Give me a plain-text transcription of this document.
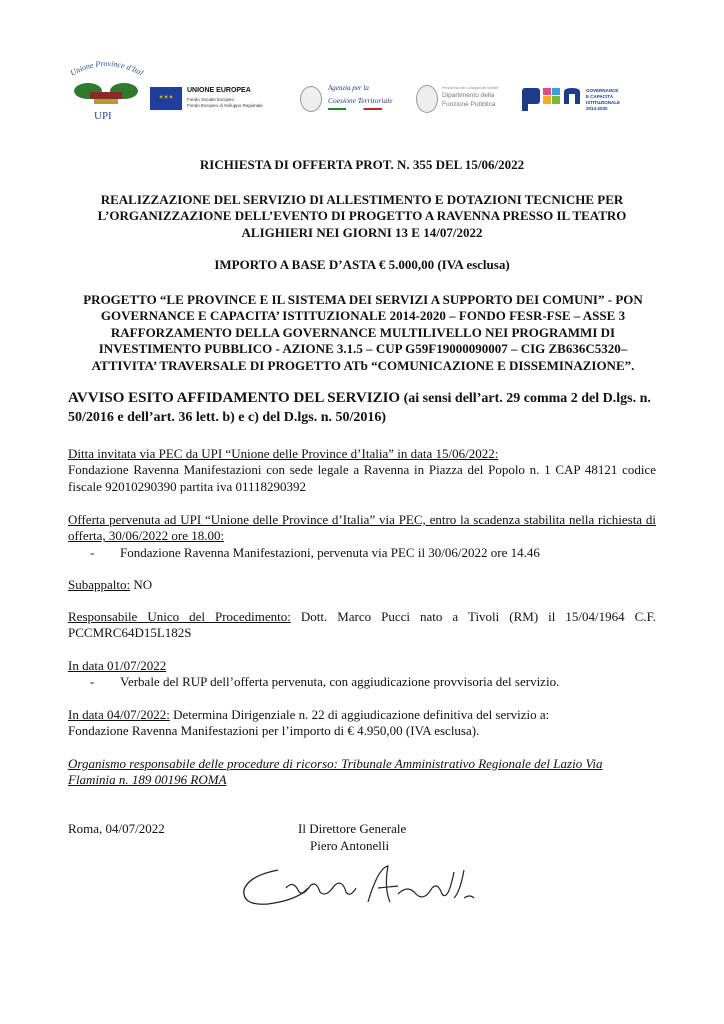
Unione Province d'Ital
UPI
✶✶✶
UNIONE EUROPEA
Fondo Sociale Europeo
Fondo Europeo di Sviluppo Regionale
Agenzia per la
Coesione Territoriale
Presidenza del Consiglio dei Ministri
Dipartimento della
Funzione Pubblica
GOVERNANCE
E CAPACITÀ
ISTITUZIONALE
2014-2020
RICHIESTA DI OFFERTA PROT. N. 355 DEL 15/06/2022
REALIZZAZIONE DEL SERVIZIO DI ALLESTIMENTO E DOTAZIONI TECNICHE PER L’ORGANIZZAZIONE DELL’EVENTO DI PROGETTO A RAVENNA PRESSO IL TEATRO ALIGHIERI NEI GIORNI 13 E 14/07/2022
IMPORTO A BASE D’ASTA € 5.000,00 (IVA esclusa)
PROGETTO “LE PROVINCE E IL SISTEMA DEI SERVIZI A SUPPORTO DEI COMUNI” - PON GOVERNANCE E CAPACITA’ ISTITUZIONALE 2014-2020 – FONDO FESR-FSE – ASSE 3 RAFFORZAMENTO DELLA GOVERNANCE MULTILIVELLO NEI PROGRAMMI DI INVESTIMENTO PUBBLICO - AZIONE 3.1.5 – CUP G59F19000090007 – CIG ZB636C5320– ATTIVITA’ TRAVERSALE DI PROGETTO ATb “COMUNICAZIONE E DISSEMINAZIONE”.
AVVISO ESITO AFFIDAMENTO DEL SERVIZIO (ai sensi dell’art. 29 comma 2 del D.lgs. n. 50/2016 e dell’art. 36 lett. b) e c) del D.lgs. n. 50/2016)
Ditta invitata via PEC da UPI “Unione delle Province d’Italia” in data 15/06/2022:
Fondazione Ravenna Manifestazioni con sede legale a Ravenna in Piazza del Popolo n. 1 CAP 48121 codice fiscale 92010290390 partita iva 01118290392
Offerta pervenuta ad UPI “Unione delle Province d’Italia” via PEC, entro la scadenza stabilita nella richiesta di offerta, 30/06/2022 ore 18.00:
- Fondazione Ravenna Manifestazioni, pervenuta via PEC il 30/06/2022 ore 14.46
Subappalto: NO
Responsabile Unico del Procedimento: Dott. Marco Pucci nato a Tivoli (RM) il 15/04/1964 C.F. PCCMRC64D15L182S
In data 01/07/2022
- Verbale del RUP dell’offerta pervenuta, con aggiudicazione provvisoria del servizio.
In data 04/07/2022: Determina Dirigenziale n. 22 di aggiudicazione definitiva del servizio a:
Fondazione Ravenna Manifestazioni per l’importo di € 4.950,00 (IVA esclusa).
Organismo responsabile delle procedure di ricorso: Tribunale Amministrativo Regionale del Lazio Via Flaminia n. 189 00196 ROMA
Roma, 04/07/2022	Il Direttore Generale
Piero Antonelli
